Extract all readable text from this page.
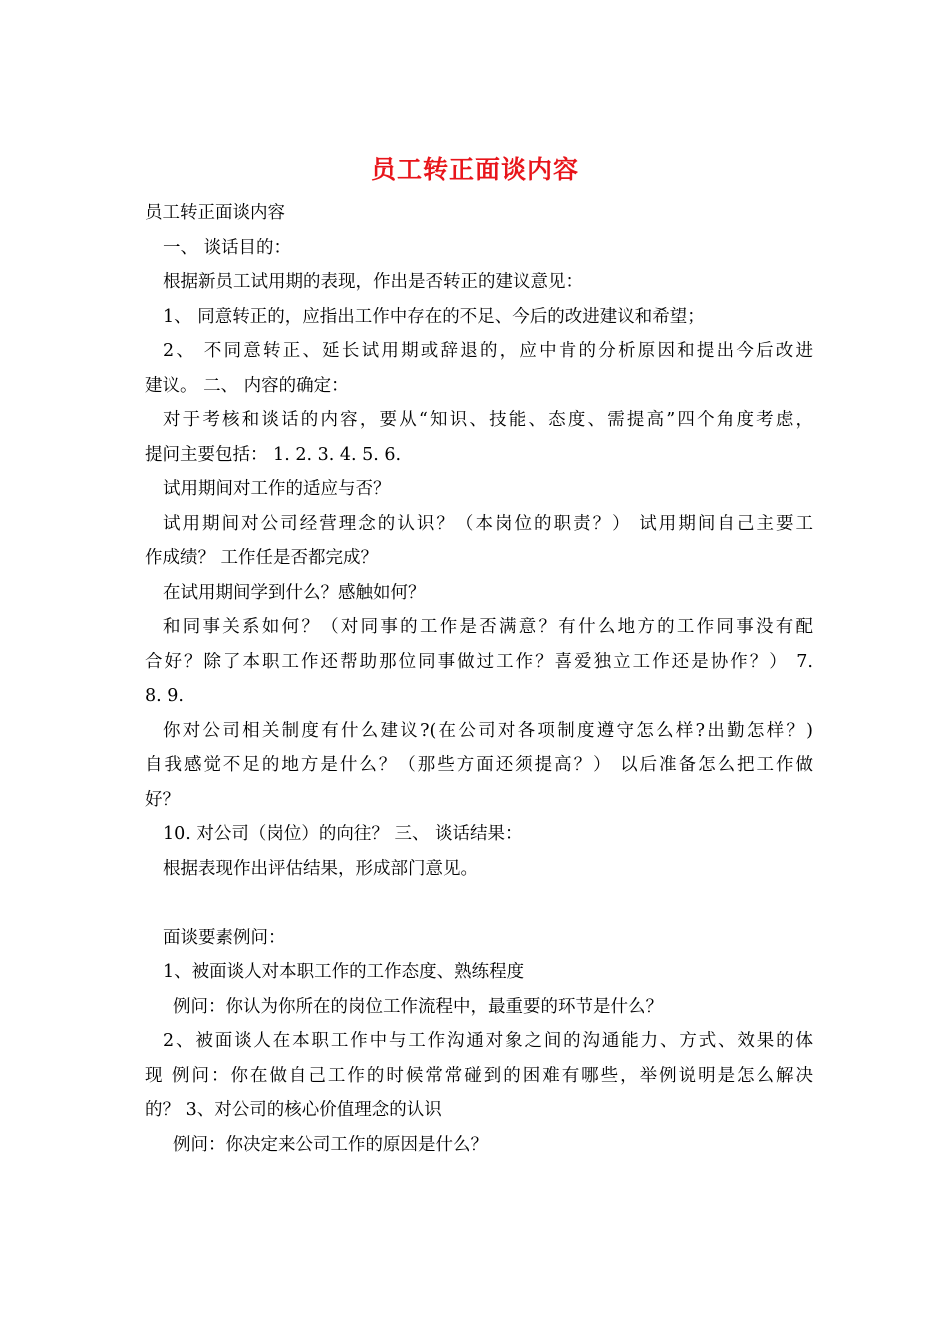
员工转正面谈内容
员工转正面谈内容
一、 谈话目的：
根据新员工试用期的表现，作出是否转正的建议意见：
1、 同意转正的，应指出工作中存在的不足、今后的改进建议和希望；
2、 不同意转正、延长试用期或辞退的，应中肯的分析原因和提出今后改进
建议。 二、 内容的确定：
对于考核和谈话的内容，要从“知识、技能、态度、需提高”四个角度考虑，
提问主要包括： 1. 2. 3. 4. 5. 6.
试用期间对工作的适应与否？
试用期间对公司经营理念的认识？（本岗位的职责？） 试用期间自己主要工
作成绩？ 工作任是否都完成？
在试用期间学到什么？感触如何？
和同事关系如何？（对同事的工作是否满意？有什么地方的工作同事没有配
合好？除了本职工作还帮助那位同事做过工作？喜爱独立工作还是协作？） 7.
8. 9.
你对公司相关制度有什么建议?(在公司对各项制度遵守怎么样?出勤怎样？)
自我感觉不足的地方是什么？（那些方面还须提高？） 以后准备怎么把工作做
好？
10. 对公司（岗位）的向往？ 三、 谈话结果：
根据表现作出评估结果，形成部门意见。
面谈要素例问：
1、被面谈人对本职工作的工作态度、熟练程度
例问：你认为你所在的岗位工作流程中，最重要的环节是什么？
2、被面谈人在本职工作中与工作沟通对象之间的沟通能力、方式、效果的体
现 例问：你在做自己工作的时候常常碰到的困难有哪些，举例说明是怎么解决
的？ 3、对公司的核心价值理念的认识
例问：你决定来公司工作的原因是什么？
